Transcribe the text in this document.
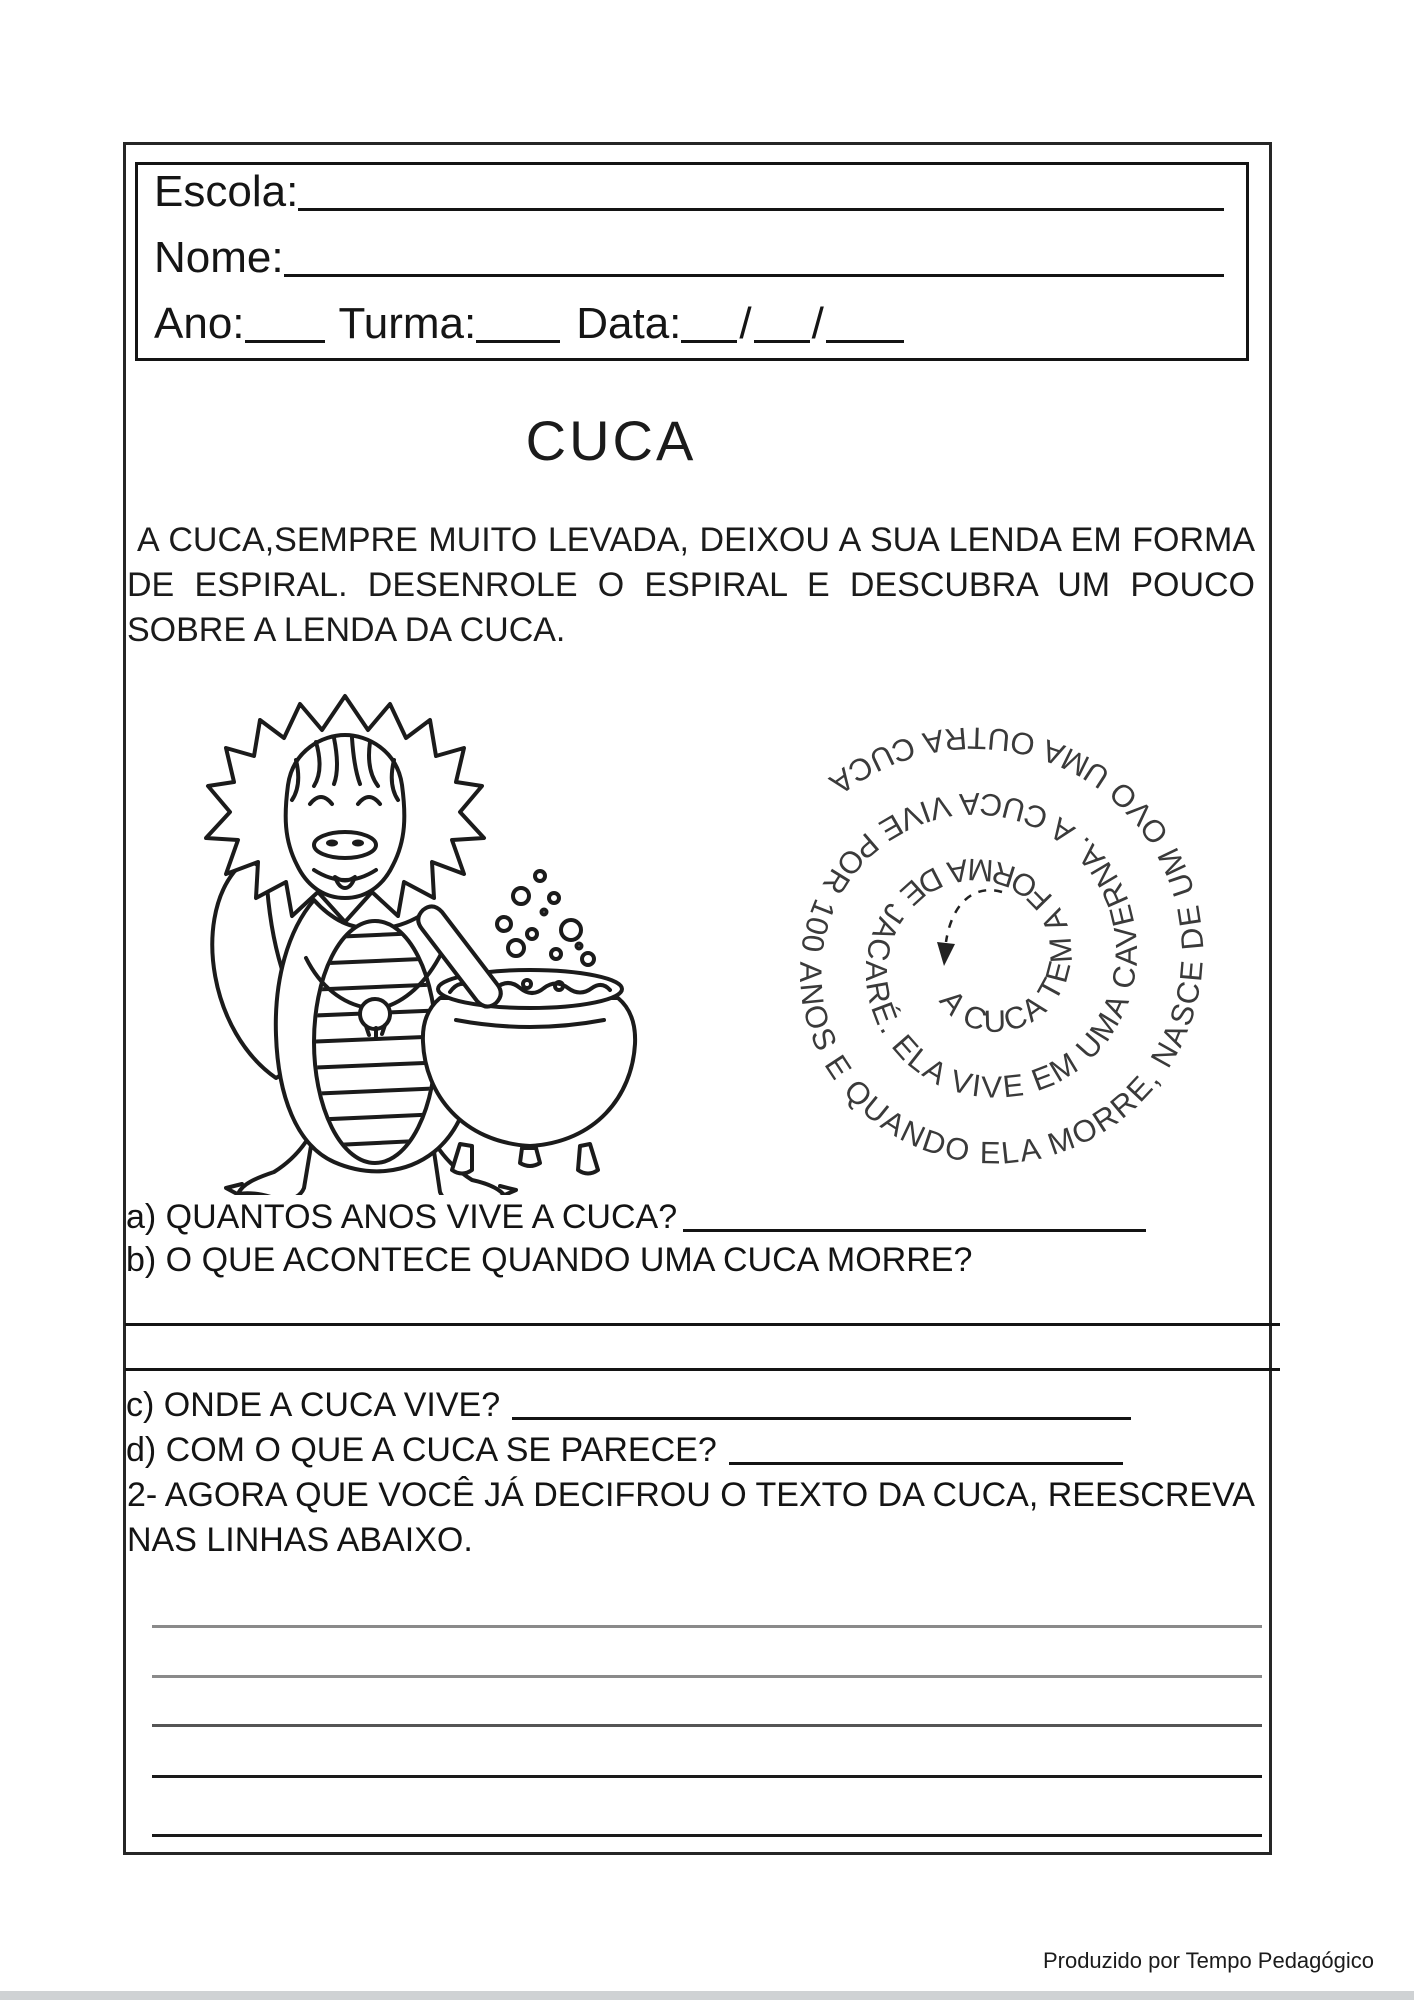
Escola:
Nome:
Ano: Turma: Data: / /
CUCA
A CUCA,SEMPRE MUITO LEVADA, DEIXOU A SUA LENDA EM FORMA DE ESPIRAL. DESENROLE O ESPIRAL E DESCUBRA UM POUCO SOBRE A LENDA DA CUCA.
A CUCA TEM A FORMA DE JACARÉ. ELA VIVE EM UMA CAVERNA. A CUCA VIVE POR 100 ANOS E QUANDO ELA MORRE, NASCE DE UM OVO UMA OUTRA CUCA
a) QUANTOS ANOS VIVE A CUCA?
b) O QUE ACONTECE QUANDO UMA CUCA MORRE?
c) ONDE A CUCA VIVE?
d) COM O QUE A CUCA SE PARECE?
2- AGORA QUE VOCÊ JÁ DECIFROU O TEXTO DA CUCA, REESCREVA NAS LINHAS ABAIXO.
Produzido por Tempo Pedagógico
